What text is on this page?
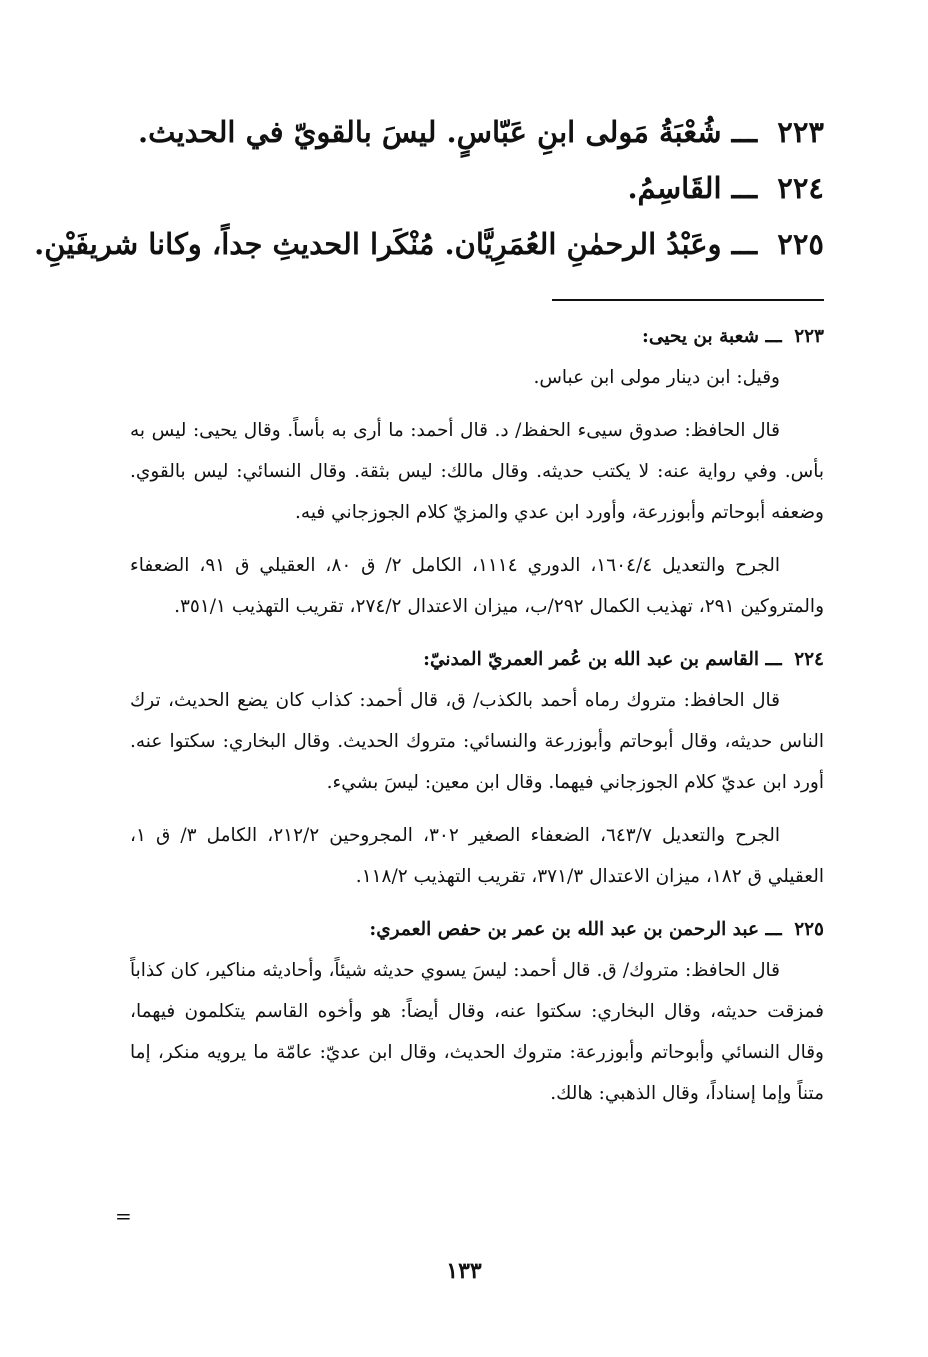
٢٢٣ ـــ شُعْبَةُ مَولى ابنِ عَبّاسٍ. ليسَ بالقويّ في الحديث.

٢٢٤ ـــ القَاسِمُ.

٢٢٥ ـــ وعَبْدُ الرحمٰنِ العُمَرِيَّان. مُنْكَرا الحديثِ جداً، وكانا شريفَيْنِ.

٢٢٣ ـــ شعبة بن يحيى:

وقيل: ابن دينار مولى ابن عباس.

قال الحافظ: صدوق سيىء الحفظ/ د. قال أحمد: ما أرى به بأساً. وقال يحيى: ليس به بأس. وفي رواية عنه: لا يكتب حديثه. وقال مالك: ليس بثقة. وقال النسائي: ليس بالقوي. وضعفه أبوحاتم وأبوزرعة، وأورد ابن عدي والمزيّ كلام الجوزجاني فيه.

الجرح والتعديل ١٦٠٤/٤، الدوري ١١١٤، الكامل ٢/ ق ٨٠، العقيلي ق ٩١، الضعفاء والمتروكين ٢٩١، تهذيب الكمال ٢٩٢/ب، ميزان الاعتدال ٢٧٤/٢، تقريب التهذيب ٣٥١/١.

٢٢٤ ـــ القاسم بن عبد الله بن عُمر العمريّ المدنيّ:

قال الحافظ: متروك رماه أحمد بالكذب/ ق، قال أحمد: كذاب كان يضع الحديث، ترك الناس حديثه، وقال أبوحاتم وأبوزرعة والنسائي: متروك الحديث. وقال البخاري: سكتوا عنه. أورد ابن عديّ كلام الجوزجاني فيهما. وقال ابن معين: ليسَ بشيء.

الجرح والتعديل ٦٤٣/٧، الضعفاء الصغير ٣٠٢، المجروحين ٢١٢/٢، الكامل ٣/ ق ١، العقيلي ق ١٨٢، ميزان الاعتدال ٣٧١/٣، تقريب التهذيب ١١٨/٢.

٢٢٥ ـــ عبد الرحمن بن عبد الله بن عمر بن حفص العمري:

قال الحافظ: متروك/ ق. قال أحمد: ليسَ يسوي حديثه شيئاً، وأحاديثه مناكير، كان كذاباً فمزقت حديثه، وقال البخاري: سكتوا عنه، وقال أيضاً: هو وأخوه القاسم يتكلمون فيهما، وقال النسائي وأبوحاتم وأبوزرعة: متروك الحديث، وقال ابن عديّ: عامّة ما يرويه منكر، إما متناً وإما إسناداً، وقال الذهبي: هالك.

=
١٣٣
